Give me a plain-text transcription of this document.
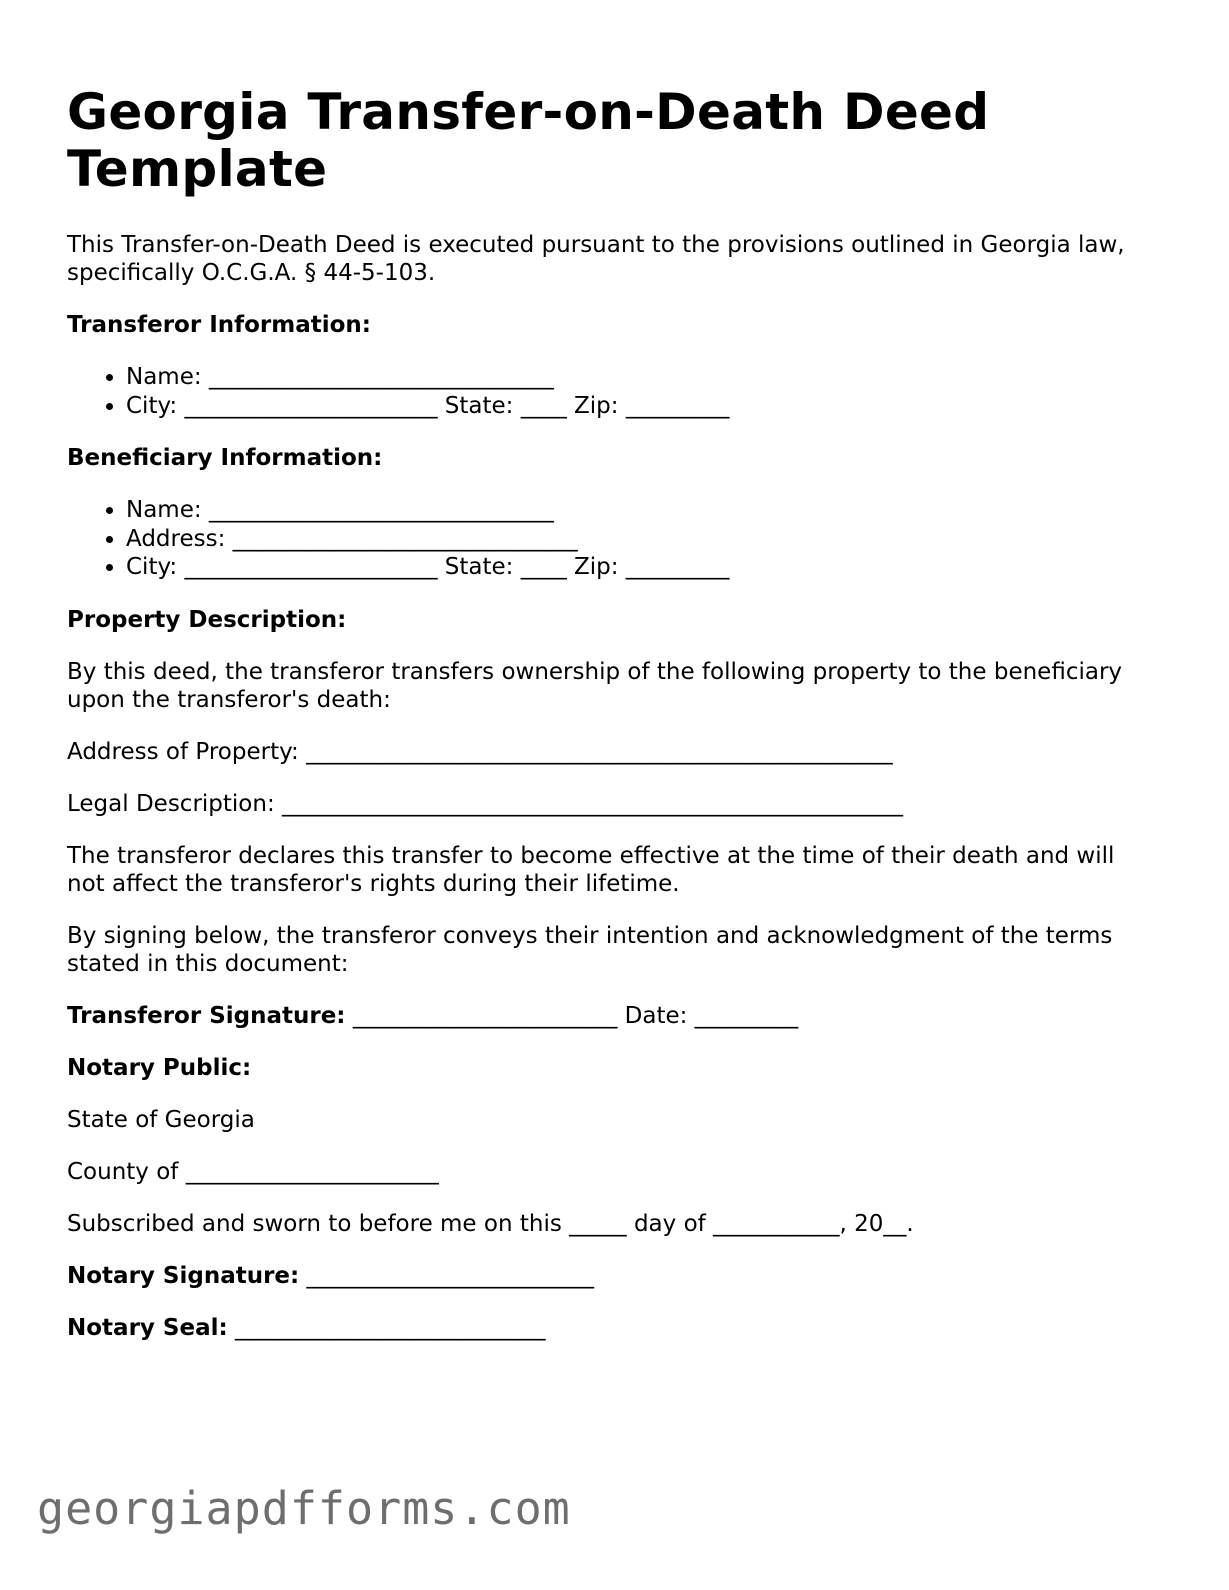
Georgia Transfer-on-Death Deed Template

This Transfer-on-Death Deed is executed pursuant to the provisions outlined in Georgia law, specifically O.C.G.A. § 44-5-103.

Transferor Information:

• Name: ______________________________
• City: ______________________ State: ____ Zip: _________

Beneficiary Information:

• Name: ______________________________
• Address: ______________________________
• City: ______________________ State: ____ Zip: _________

Property Description:

By this deed, the transferor transfers ownership of the following property to the beneficiary upon the transferor's death:

Address of Property: ___________________________________________________

Legal Description: ______________________________________________________

The transferor declares this transfer to become effective at the time of their death and will not affect the transferor's rights during their lifetime.

By signing below, the transferor conveys their intention and acknowledgment of the terms stated in this document:

Transferor Signature: _______________________ Date: _________

Notary Public:

State of Georgia

County of ______________________

Subscribed and sworn to before me on this _____ day of ___________, 20__.

Notary Signature: _________________________

Notary Seal: ___________________________

georgiapdfforms.com
